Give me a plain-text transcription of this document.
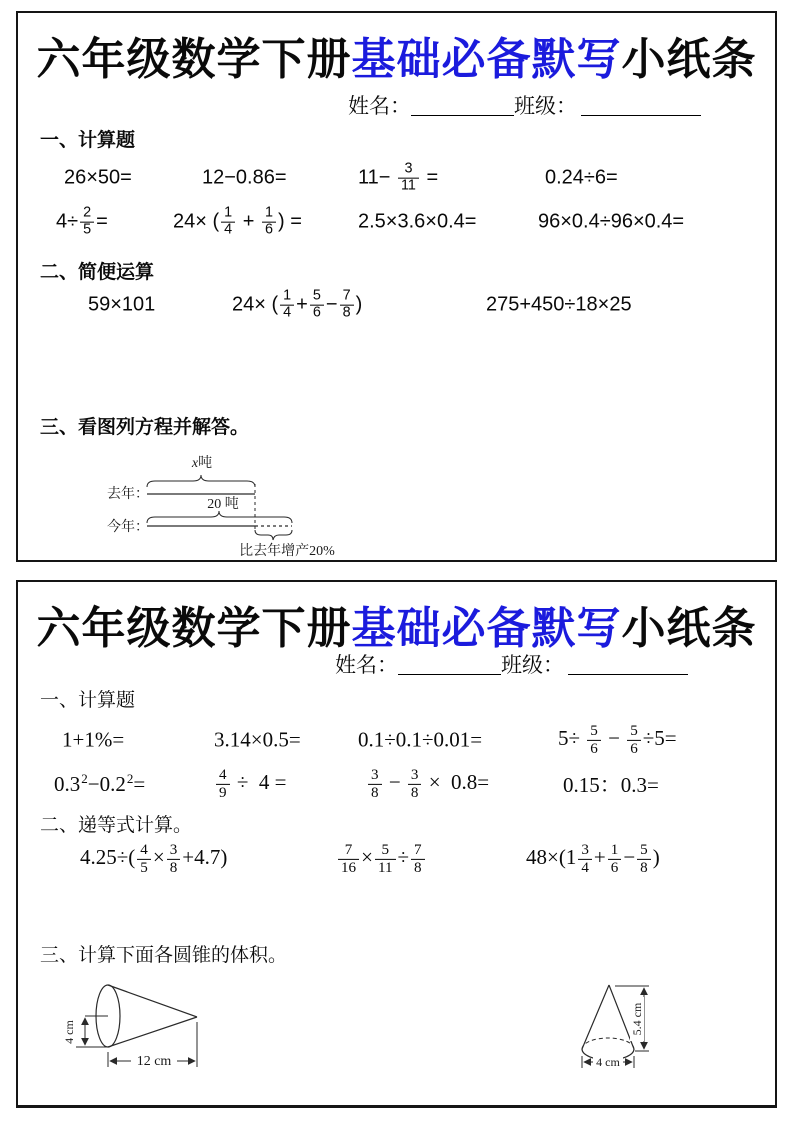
六年级数学下册基础必备默写小纸条
姓名：	班级：
一、计算题
26×50=	12−0.86=	$11- \frac{3}{11}$ =	0.24÷6=
$4\div \frac{2}{5}$ =	24× ( $\frac{1}{4} + \frac{1}{6}$ ) =	2.5×3.6×0.4=	96×0.4÷96×0.4=
二、简便运算
59×101	24× ( $\frac{1}{4} + \frac{5}{6} - \frac{7}{8}$ )	275+450÷18×25
三、看图列方程并解答。
x吨
去年：
20 吨
今年：
比去年增产20%
六年级数学下册基础必备默写小纸条
姓名：	班级：
一、计算题
1+1%=	3.14×0.5=	0.1÷0.1÷0.01=	$5\div \frac{5}{6} - \frac{5}{6} \div 5=$
$0.3^2-0.2^2=$	$\frac{4}{9} \div 4$ =	$\frac{3}{8} - \frac{3}{8} \times 0.8=$	0.15：0.3=
二、递等式计算。
$4.25\div( \frac{4}{5} \times \frac{3}{8} +4.7)$	$\frac{7}{16} \times \frac{5}{11} \div \frac{7}{8}$	$48\times(1 \frac{3}{4} + \frac{1}{6} - \frac{5}{8}$ )
三、计算下面各圆锥的体积。
4 cm
12 cm
5.4 cm
4 cm
